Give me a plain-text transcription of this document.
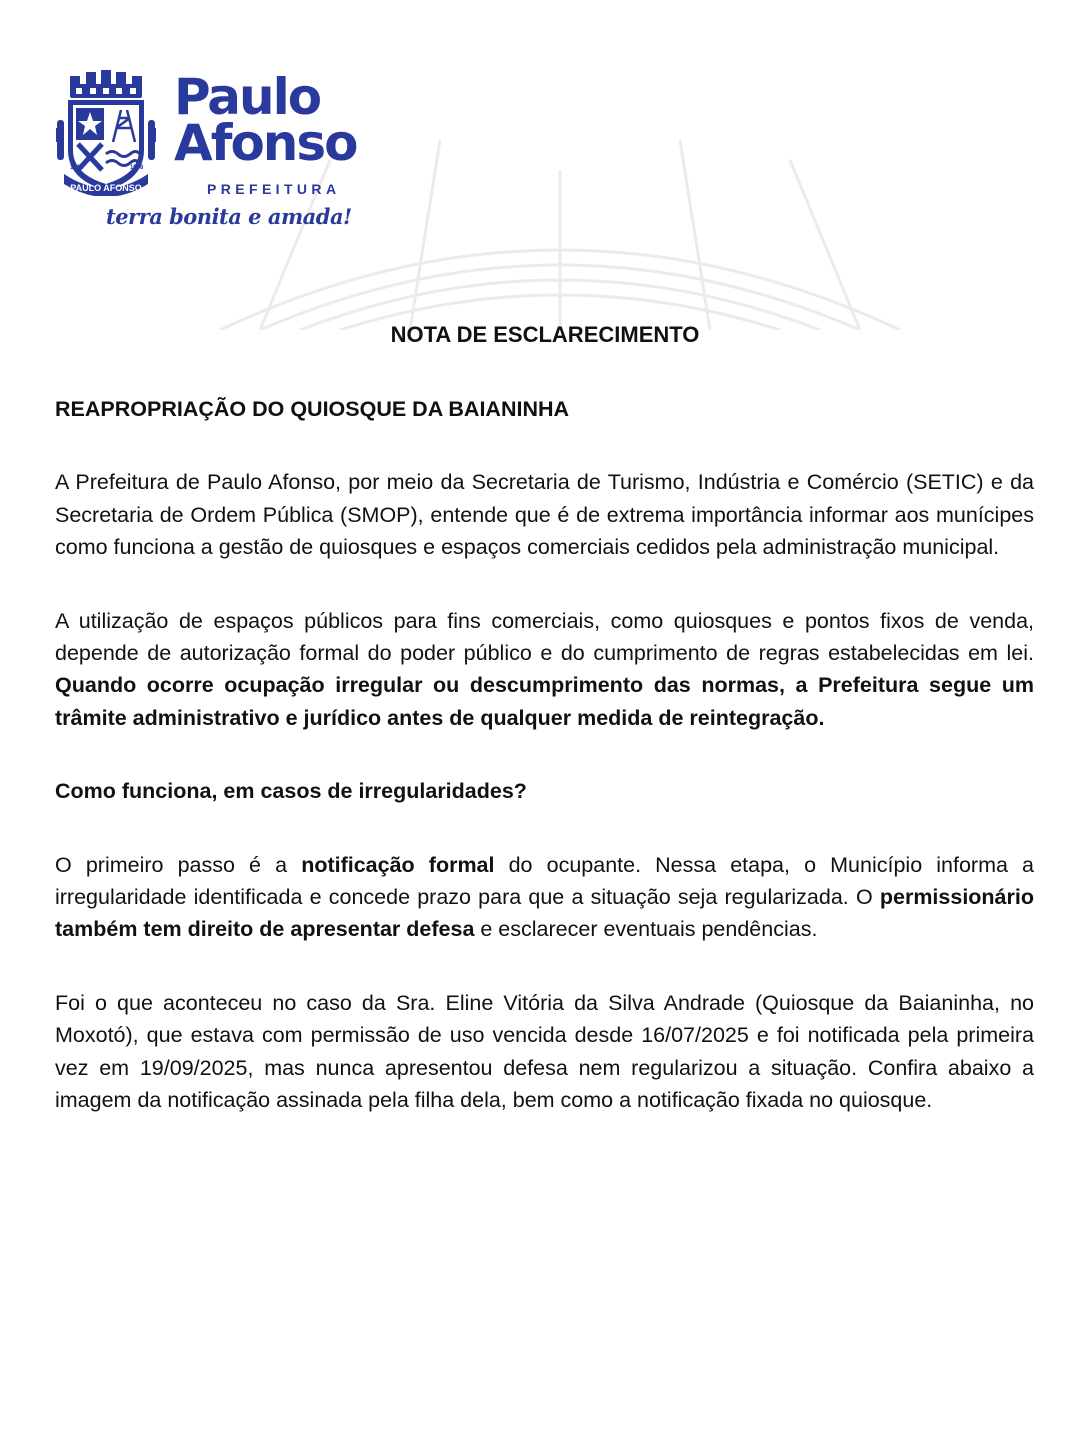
PAULO AFONSO
1725	1958
Paulo
Afonso
PREFEITURA
terra bonita e amada!
NOTA DE ESCLARECIMENTO
REAPROPRIAÇÃO DO QUIOSQUE DA BAIANINHA

A Prefeitura de Paulo Afonso, por meio da Secretaria de Turismo, Indústria e Comércio (SETIC) e da Secretaria de Ordem Pública (SMOP), entende que é de extrema importância informar aos munícipes como funciona a gestão de quiosques e espaços comerciais cedidos pela administração municipal.

A utilização de espaços públicos para fins comerciais, como quiosques e pontos fixos de venda, depende de autorização formal do poder público e do cumprimento de regras estabelecidas em lei. Quando ocorre ocupação irregular ou descumprimento das normas, a Prefeitura segue um trâmite administrativo e jurídico antes de qualquer medida de reintegração.

Como funciona, em casos de irregularidades?

O primeiro passo é a notificação formal do ocupante. Nessa etapa, o Município informa a irregularidade identificada e concede prazo para que a situação seja regularizada. O permissionário também tem direito de apresentar defesa e esclarecer eventuais pendências.

Foi o que aconteceu no caso da Sra. Eline Vitória da Silva Andrade (Quiosque da Baianinha, no Moxotó), que estava com permissão de uso vencida desde 16/07/2025 e foi notificada pela primeira vez em 19/09/2025, mas nunca apresentou defesa nem regularizou a situação. Confira abaixo a imagem da notificação assinada pela filha dela, bem como a notificação fixada no quiosque.
